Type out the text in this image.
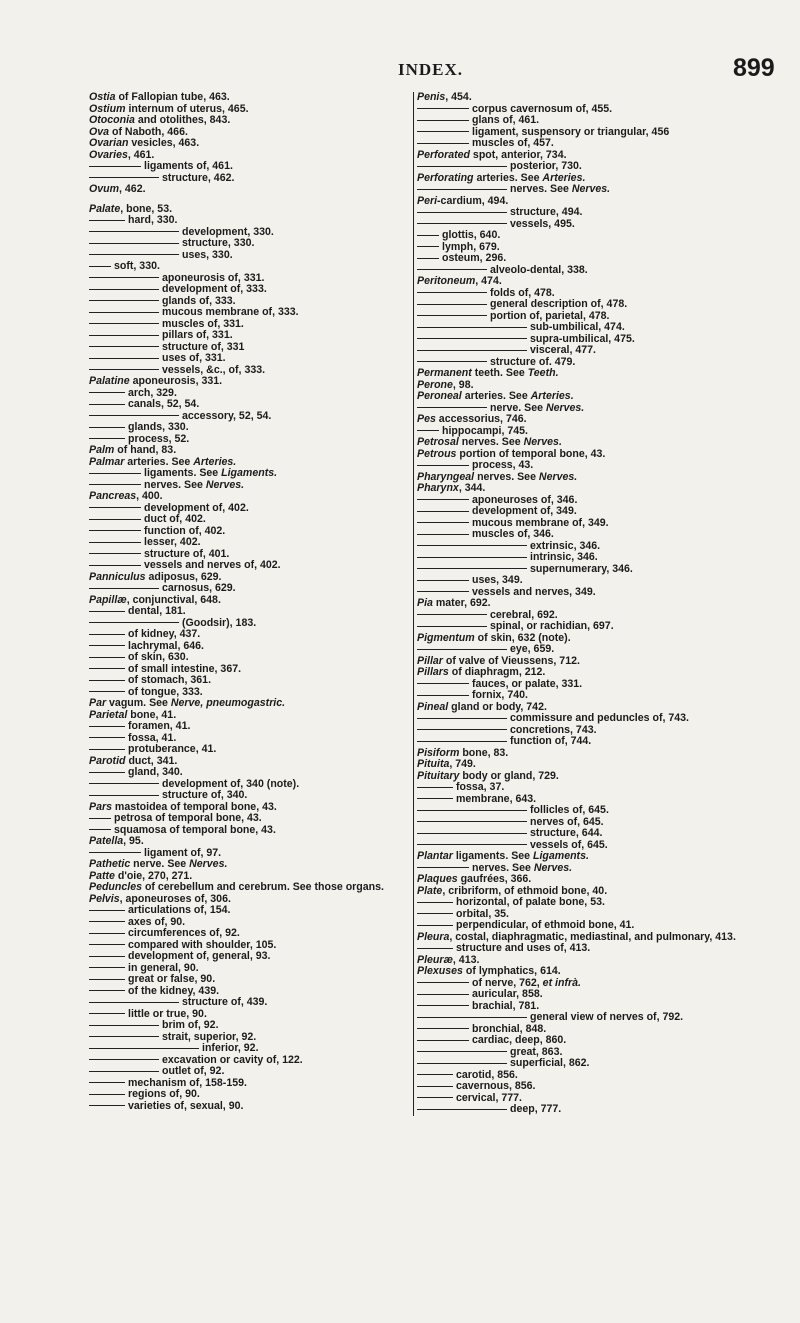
INDEX.	899
Ostia of Fallopian tube, 463.
Ostium internum of uterus, 465.
Otoconia and otolithes, 843.
Ova of Naboth, 466.
Ovarian vesicles, 463.
Ovaries, 461.
ligaments of, 461.
structure, 462.
Ovum, 462.
Palate, bone, 53.
hard, 330.
development, 330.
structure, 330.
uses, 330.
soft, 330.
aponeurosis of, 331.
development of, 333.
glands of, 333.
mucous membrane of, 333.
muscles of, 331.
pillars of, 331.
structure of, 331
uses of, 331.
vessels, &c., of, 333.
Palatine aponeurosis, 331.
arch, 329.
canals, 52, 54.
accessory, 52, 54.
glands, 330.
process, 52.
Palm of hand, 83.
Palmar arteries. See Arteries.
ligaments. See Ligaments.
nerves. See Nerves.
Pancreas, 400.
development of, 402.
duct of, 402.
function of, 402.
lesser, 402.
structure of, 401.
vessels and nerves of, 402.
Panniculus adiposus, 629.
carnosus, 629.
Papillæ, conjunctival, 648.
dental, 181.
(Goodsir), 183.
of kidney, 437.
lachrymal, 646.
of skin, 630.
of small intestine, 367.
of stomach, 361.
of tongue, 333.
Par vagum. See Nerve, pneumogastric.
Parietal bone, 41.
foramen, 41.
fossa, 41.
protuberance, 41.
Parotid duct, 341.
gland, 340.
development of, 340 (note).
structure of, 340.
Pars mastoidea of temporal bone, 43.
petrosa of temporal bone, 43.
squamosa of temporal bone, 43.
Patella, 95.
ligament of, 97.
Pathetic nerve. See Nerves.
Patte d'oie, 270, 271.
Peduncles of cerebellum and cerebrum. See those organs.
Pelvis, aponeuroses of, 306.
articulations of, 154.
axes of, 90.
circumferences of, 92.
compared with shoulder, 105.
development of, general, 93.
in general, 90.
great or false, 90.
of the kidney, 439.
structure of, 439.
little or true, 90.
brim of, 92.
strait, superior, 92.
inferior, 92.
excavation or cavity of, 122.
outlet of, 92.
mechanism of, 158-159.
regions of, 90.
varieties of, sexual, 90.
Penis, 454.
corpus cavernosum of, 455.
glans of, 461.
ligament, suspensory or triangular, 456
muscles of, 457.
Perforated spot, anterior, 734.
posterior, 730.
Perforating arteries. See Arteries.
nerves. See Nerves.
Peri-cardium, 494.
structure, 494.
vessels, 495.
glottis, 640.
lymph, 679.
osteum, 296.
alveolo-dental, 338.
Peritoneum, 474.
folds of, 478.
general description of, 478.
portion of, parietal, 478.
sub-umbilical, 474.
supra-umbilical, 475.
visceral, 477.
structure of. 479.
Permanent teeth. See Teeth.
Perone, 98.
Peroneal arteries. See Arteries.
nerve. See Nerves.
Pes accessorius, 746.
hippocampi, 745.
Petrosal nerves. See Nerves.
Petrous portion of temporal bone, 43.
process, 43.
Pharyngeal nerves. See Nerves.
Pharynx, 344.
aponeuroses of, 346.
development of, 349.
mucous membrane of, 349.
muscles of, 346.
extrinsic, 346.
intrinsic, 346.
supernumerary, 346.
uses, 349.
vessels and nerves, 349.
Pia mater, 692.
cerebral, 692.
spinal, or rachidian, 697.
Pigmentum of skin, 632 (note).
eye, 659.
Pillar of valve of Vieussens, 712.
Pillars of diaphragm, 212.
fauces, or palate, 331.
fornix, 740.
Pineal gland or body, 742.
commissure and peduncles of, 743.
concretions, 743.
function of, 744.
Pisiform bone, 83.
Pituita, 749.
Pituitary body or gland, 729.
fossa, 37.
membrane, 643.
follicles of, 645.
nerves of, 645.
structure, 644.
vessels of, 645.
Plantar ligaments. See Ligaments.
nerves. See Nerves.
Plaques gaufrées, 366.
Plate, cribriform, of ethmoid bone, 40.
horizontal, of palate bone, 53.
orbital, 35.
perpendicular, of ethmoid bone, 41.
Pleura, costal, diaphragmatic, mediastinal, and pulmonary, 413.
structure and uses of, 413.
Pleuræ, 413.
Plexuses of lymphatics, 614.
of nerve, 762, et infrà.
auricular, 858.
brachial, 781.
general view of nerves of, 792.
bronchial, 848.
cardiac, deep, 860.
great, 863.
superficial, 862.
carotid, 856.
cavernous, 856.
cervical, 777.
deep, 777.
